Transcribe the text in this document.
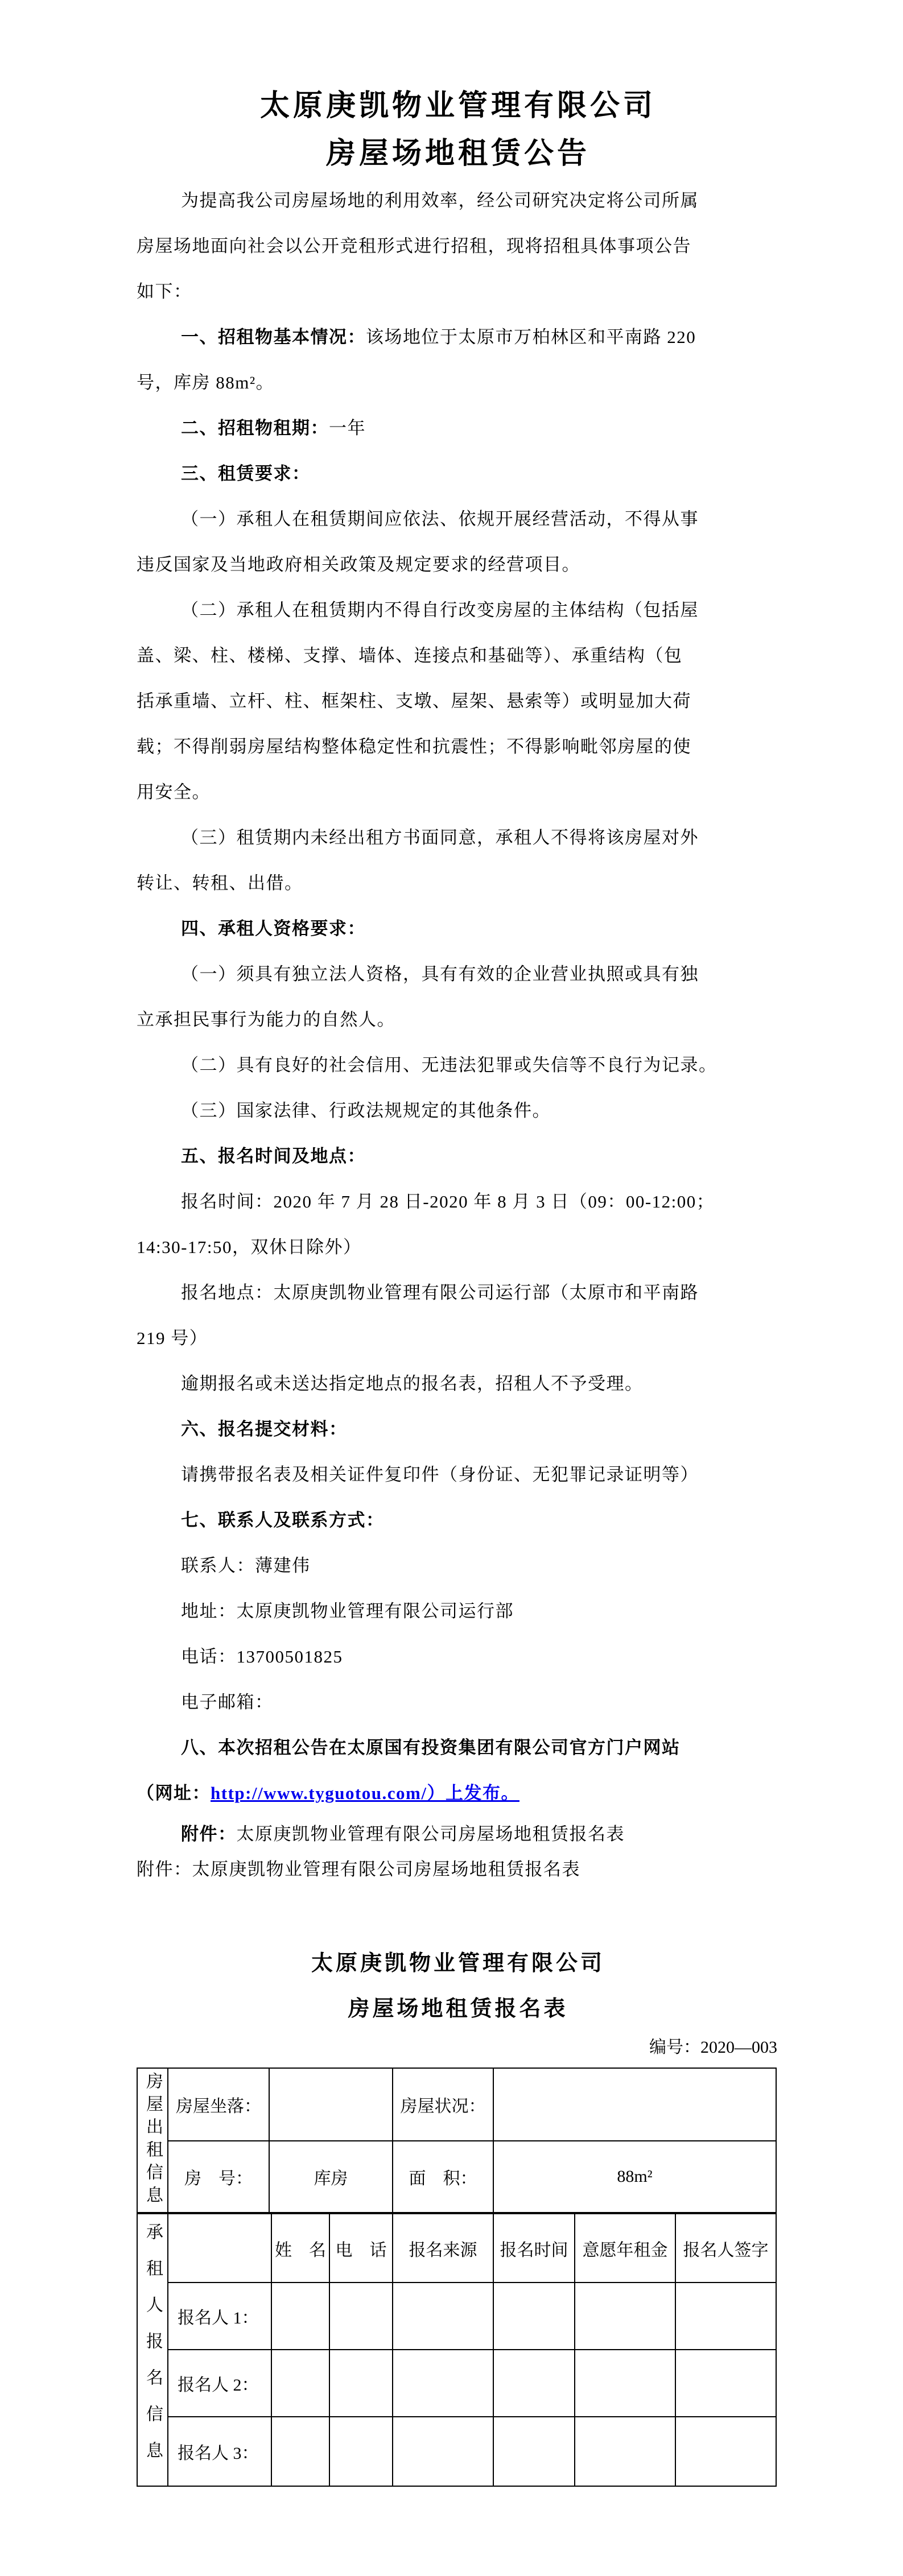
太原庚凯物业管理有限公司
房屋场地租赁公告
为提高我公司房屋场地的利用效率，经公司研究决定将公司所属
房屋场地面向社会以公开竞租形式进行招租，现将招租具体事项公告
如下：
一、招租物基本情况：该场地位于太原市万柏林区和平南路 220
号，库房 88m²。
二、招租物租期：一年
三、租赁要求：
（一）承租人在租赁期间应依法、依规开展经营活动，不得从事
违反国家及当地政府相关政策及规定要求的经营项目。
（二）承租人在租赁期内不得自行改变房屋的主体结构（包括屋
盖、梁、柱、楼梯、支撑、墙体、连接点和基础等）、承重结构（包
括承重墙、立杆、柱、框架柱、支墩、屋架、悬索等）或明显加大荷
载；不得削弱房屋结构整体稳定性和抗震性；不得影响毗邻房屋的使
用安全。
（三）租赁期内未经出租方书面同意，承租人不得将该房屋对外
转让、转租、出借。
四、承租人资格要求：
（一）须具有独立法人资格，具有有效的企业营业执照或具有独
立承担民事行为能力的自然人。
（二）具有良好的社会信用、无违法犯罪或失信等不良行为记录。
（三）国家法律、行政法规规定的其他条件。
五、报名时间及地点：
报名时间：2020 年 7 月 28 日-2020 年 8 月 3 日（09：00-12:00；
14:30-17:50，双休日除外）
报名地点：太原庚凯物业管理有限公司运行部（太原市和平南路
219 号）
逾期报名或未送达指定地点的报名表，招租人不予受理。
六、报名提交材料：
请携带报名表及相关证件复印件（身份证、无犯罪记录证明等）
七、联系人及联系方式：
联系人：薄建伟
地址：太原庚凯物业管理有限公司运行部
电话：13700501825
电子邮箱：
八、本次招租公告在太原国有投资集团有限公司官方门户网站
（网址：http://www.tyguotou.com/）上发布。
附件：太原庚凯物业管理有限公司房屋场地租赁报名表
附件：太原庚凯物业管理有限公司房屋场地租赁报名表
太原庚凯物业管理有限公司
房屋场地租赁报名表
编号：2020—003
房屋出租信息	房屋坐落：		房屋状况：	
	房　号：	库房	面　积：	88m²
承租人报名信息		姓　名	电　话	报名来源	报名时间	意愿年租金	报名人签字
	报名人 1：						
	报名人 2：						
	报名人 3：						
